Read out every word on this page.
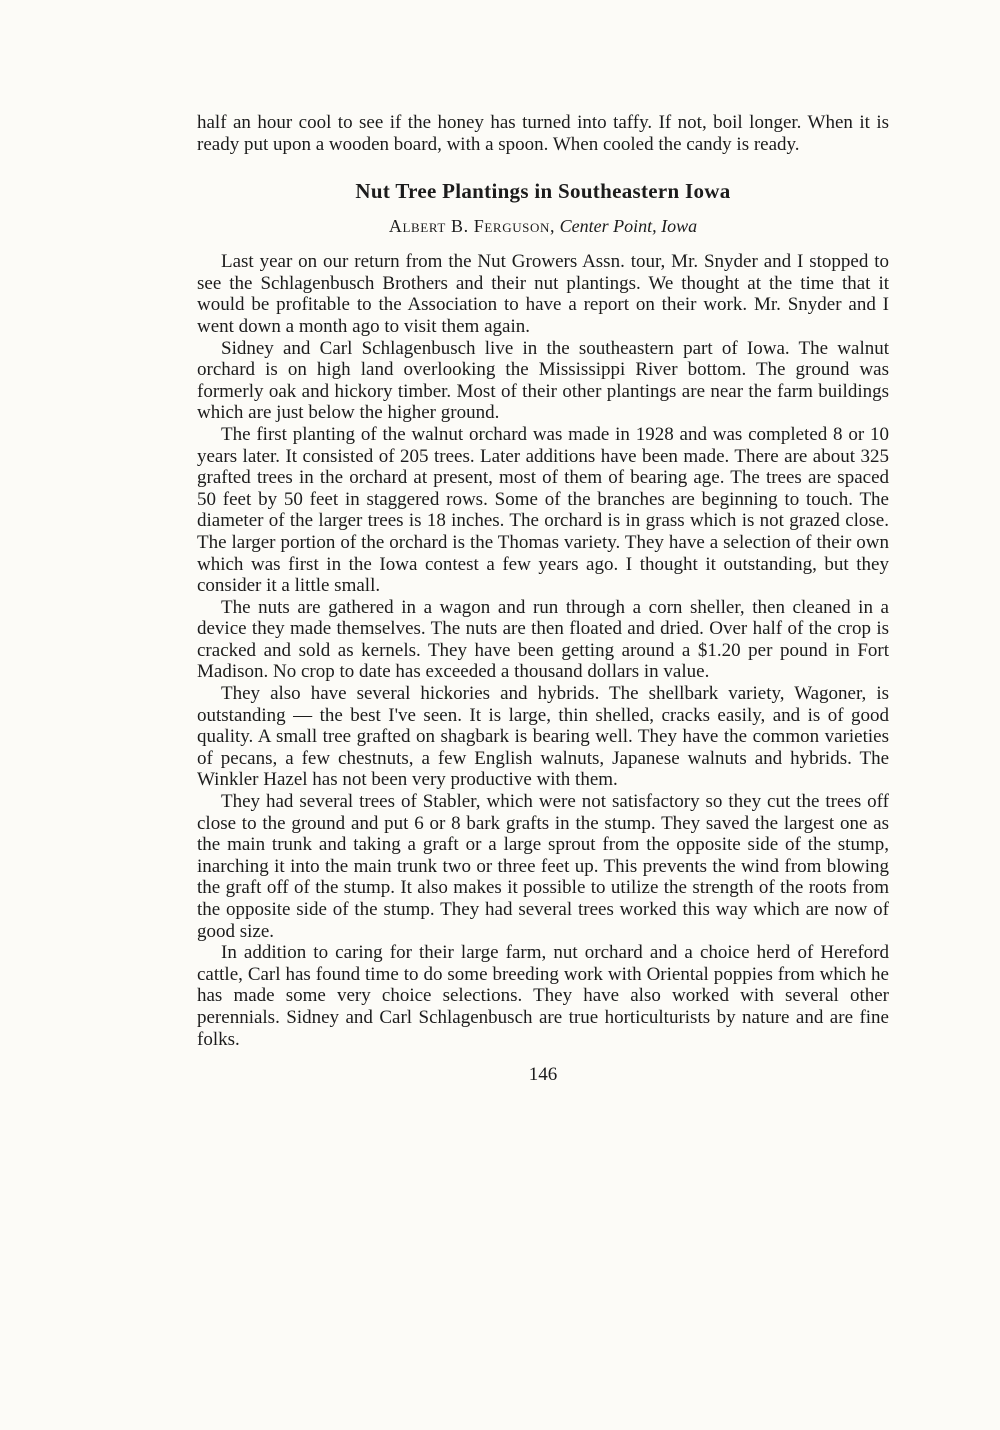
half an hour cool to see if the honey has turned into taffy. If not, boil longer. When it is ready put upon a wooden board, with a spoon. When cooled the candy is ready.

Nut Tree Plantings in Southeastern Iowa
Albert B. Ferguson, Center Point, Iowa

Last year on our return from the Nut Growers Assn. tour, Mr. Snyder and I stopped to see the Schlagenbusch Brothers and their nut plantings. We thought at the time that it would be profitable to the Association to have a report on their work. Mr. Snyder and I went down a month ago to visit them again.

Sidney and Carl Schlagenbusch live in the southeastern part of Iowa. The walnut orchard is on high land overlooking the Mississippi River bottom. The ground was formerly oak and hickory timber. Most of their other plantings are near the farm buildings which are just below the higher ground.

The first planting of the walnut orchard was made in 1928 and was completed 8 or 10 years later. It consisted of 205 trees. Later additions have been made. There are about 325 grafted trees in the orchard at present, most of them of bearing age. The trees are spaced 50 feet by 50 feet in staggered rows. Some of the branches are beginning to touch. The diameter of the larger trees is 18 inches. The orchard is in grass which is not grazed close. The larger portion of the orchard is the Thomas variety. They have a selection of their own which was first in the Iowa contest a few years ago. I thought it outstanding, but they consider it a little small.

The nuts are gathered in a wagon and run through a corn sheller, then cleaned in a device they made themselves. The nuts are then floated and dried. Over half of the crop is cracked and sold as kernels. They have been getting around a $1.20 per pound in Fort Madison. No crop to date has exceeded a thousand dollars in value.

They also have several hickories and hybrids. The shellbark variety, Wagoner, is outstanding — the best I've seen. It is large, thin shelled, cracks easily, and is of good quality. A small tree grafted on shagbark is bearing well. They have the common varieties of pecans, a few chestnuts, a few English walnuts, Japanese walnuts and hybrids. The Winkler Hazel has not been very productive with them.

They had several trees of Stabler, which were not satisfactory so they cut the trees off close to the ground and put 6 or 8 bark grafts in the stump. They saved the largest one as the main trunk and taking a graft or a large sprout from the opposite side of the stump, inarching it into the main trunk two or three feet up. This prevents the wind from blowing the graft off of the stump. It also makes it possible to utilize the strength of the roots from the opposite side of the stump. They had several trees worked this way which are now of good size.

In addition to caring for their large farm, nut orchard and a choice herd of Hereford cattle, Carl has found time to do some breeding work with Oriental poppies from which he has made some very choice selections. They have also worked with several other perennials. Sidney and Carl Schlagenbusch are true horticulturists by nature and are fine folks.

146
